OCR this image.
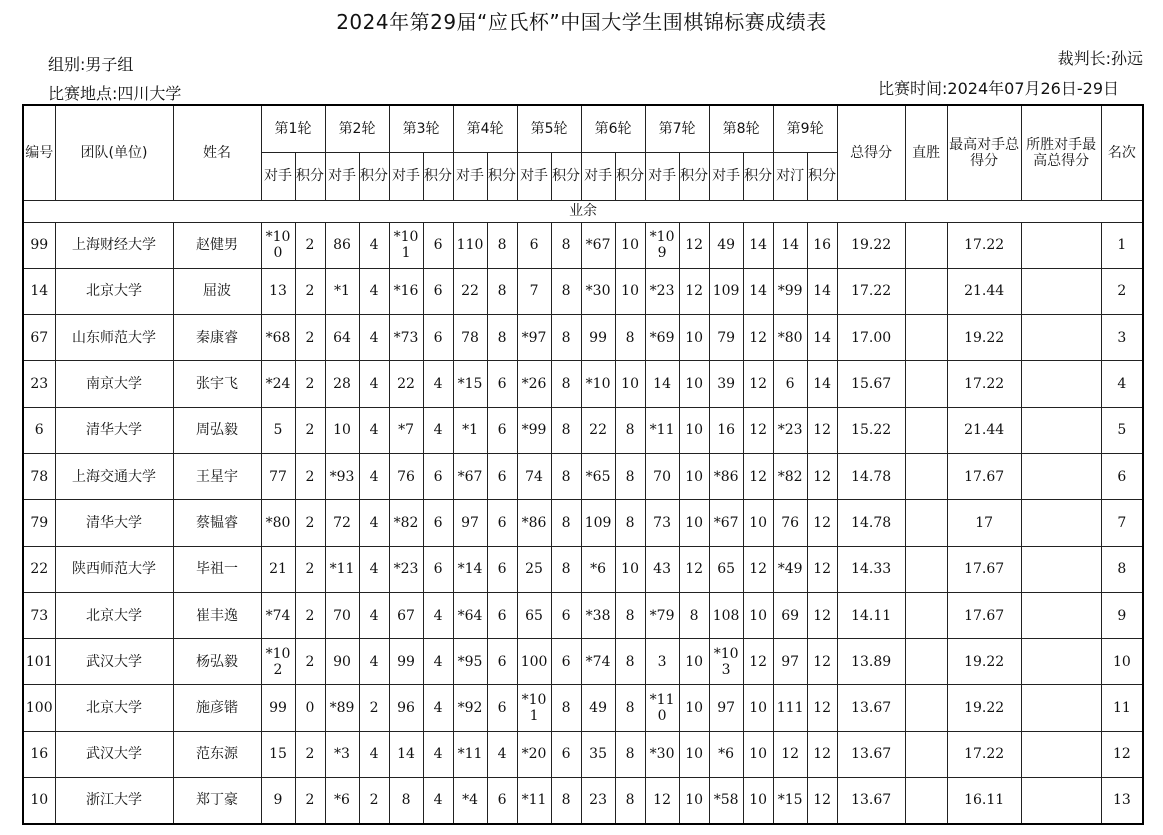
2024年第29届“应氏杯”中国大学生围棋锦标赛成绩表
组别:男子组
比赛地点:四川大学
裁判长:孙远
比赛时间:2024年07月26日-29日
编号	团队(单位)	姓名	第1轮		第2轮		第3轮		第4轮		第5轮		第6轮		第7轮		第8轮		第9轮		总得分	直胜	最高对手总得分	所胜对手最高总得分	名次

			对手	积分	对手	积分	对手	积分	对手	积分	对手	积分	对手	积分	对手	积分	对手	积分	对汀	积分					

业余																									
99	上海财经大学	赵健男	*100	2	86	4	*101	6	110	8	6	8	*67	10	*109	12	49	14	14	16	19.22		17.22		1
14	北京大学	屈波	13	2	*1	4	*16	6	22	8	7	8	*30	10	*23	12	109	14	*99	14	17.22		21.44		2
67	山东师范大学	秦康睿	*68	2	64	4	*73	6	78	8	*97	8	99	8	*69	10	79	12	*80	14	17.00		19.22		3
23	南京大学	张宇飞	*24	2	28	4	22	4	*15	6	*26	8	*10	10	14	10	39	12	6	14	15.67		17.22		4
6	清华大学	周弘毅	5	2	10	4	*7	4	*1	6	*99	8	22	8	*11	10	16	12	*23	12	15.22		21.44		5
78	上海交通大学	王星宇	77	2	*93	4	76	6	*67	6	74	8	*65	8	70	10	*86	12	*82	12	14.78		17.67		6
79	清华大学	蔡韫睿	*80	2	72	4	*82	6	97	6	*86	8	109	8	73	10	*67	10	76	12	14.78		17		7
22	陕西师范大学	毕祖一	21	2	*11	4	*23	6	*14	6	25	8	*6	10	43	12	65	12	*49	12	14.33		17.67		8
73	北京大学	崔丰逸	*74	2	70	4	67	4	*64	6	65	6	*38	8	*79	8	108	10	69	12	14.11		17.67		9
101	武汉大学	杨弘毅	*102	2	90	4	99	4	*95	6	100	6	*74	8	3	10	*103	12	97	12	13.89		19.22		10
100	北京大学	施彦锴	99	0	*89	2	96	4	*92	6	*101	8	49	8	*110	10	97	10	111	12	13.67		19.22		11
16	武汉大学	范东源	15	2	*3	4	14	4	*11	4	*20	6	35	8	*30	10	*6	10	12	12	13.67		17.22		12
10	浙江大学	郑丁豪	9	2	*6	2	8	4	*4	6	*11	8	23	8	12	10	*58	10	*15	12	13.67		16.11		13
